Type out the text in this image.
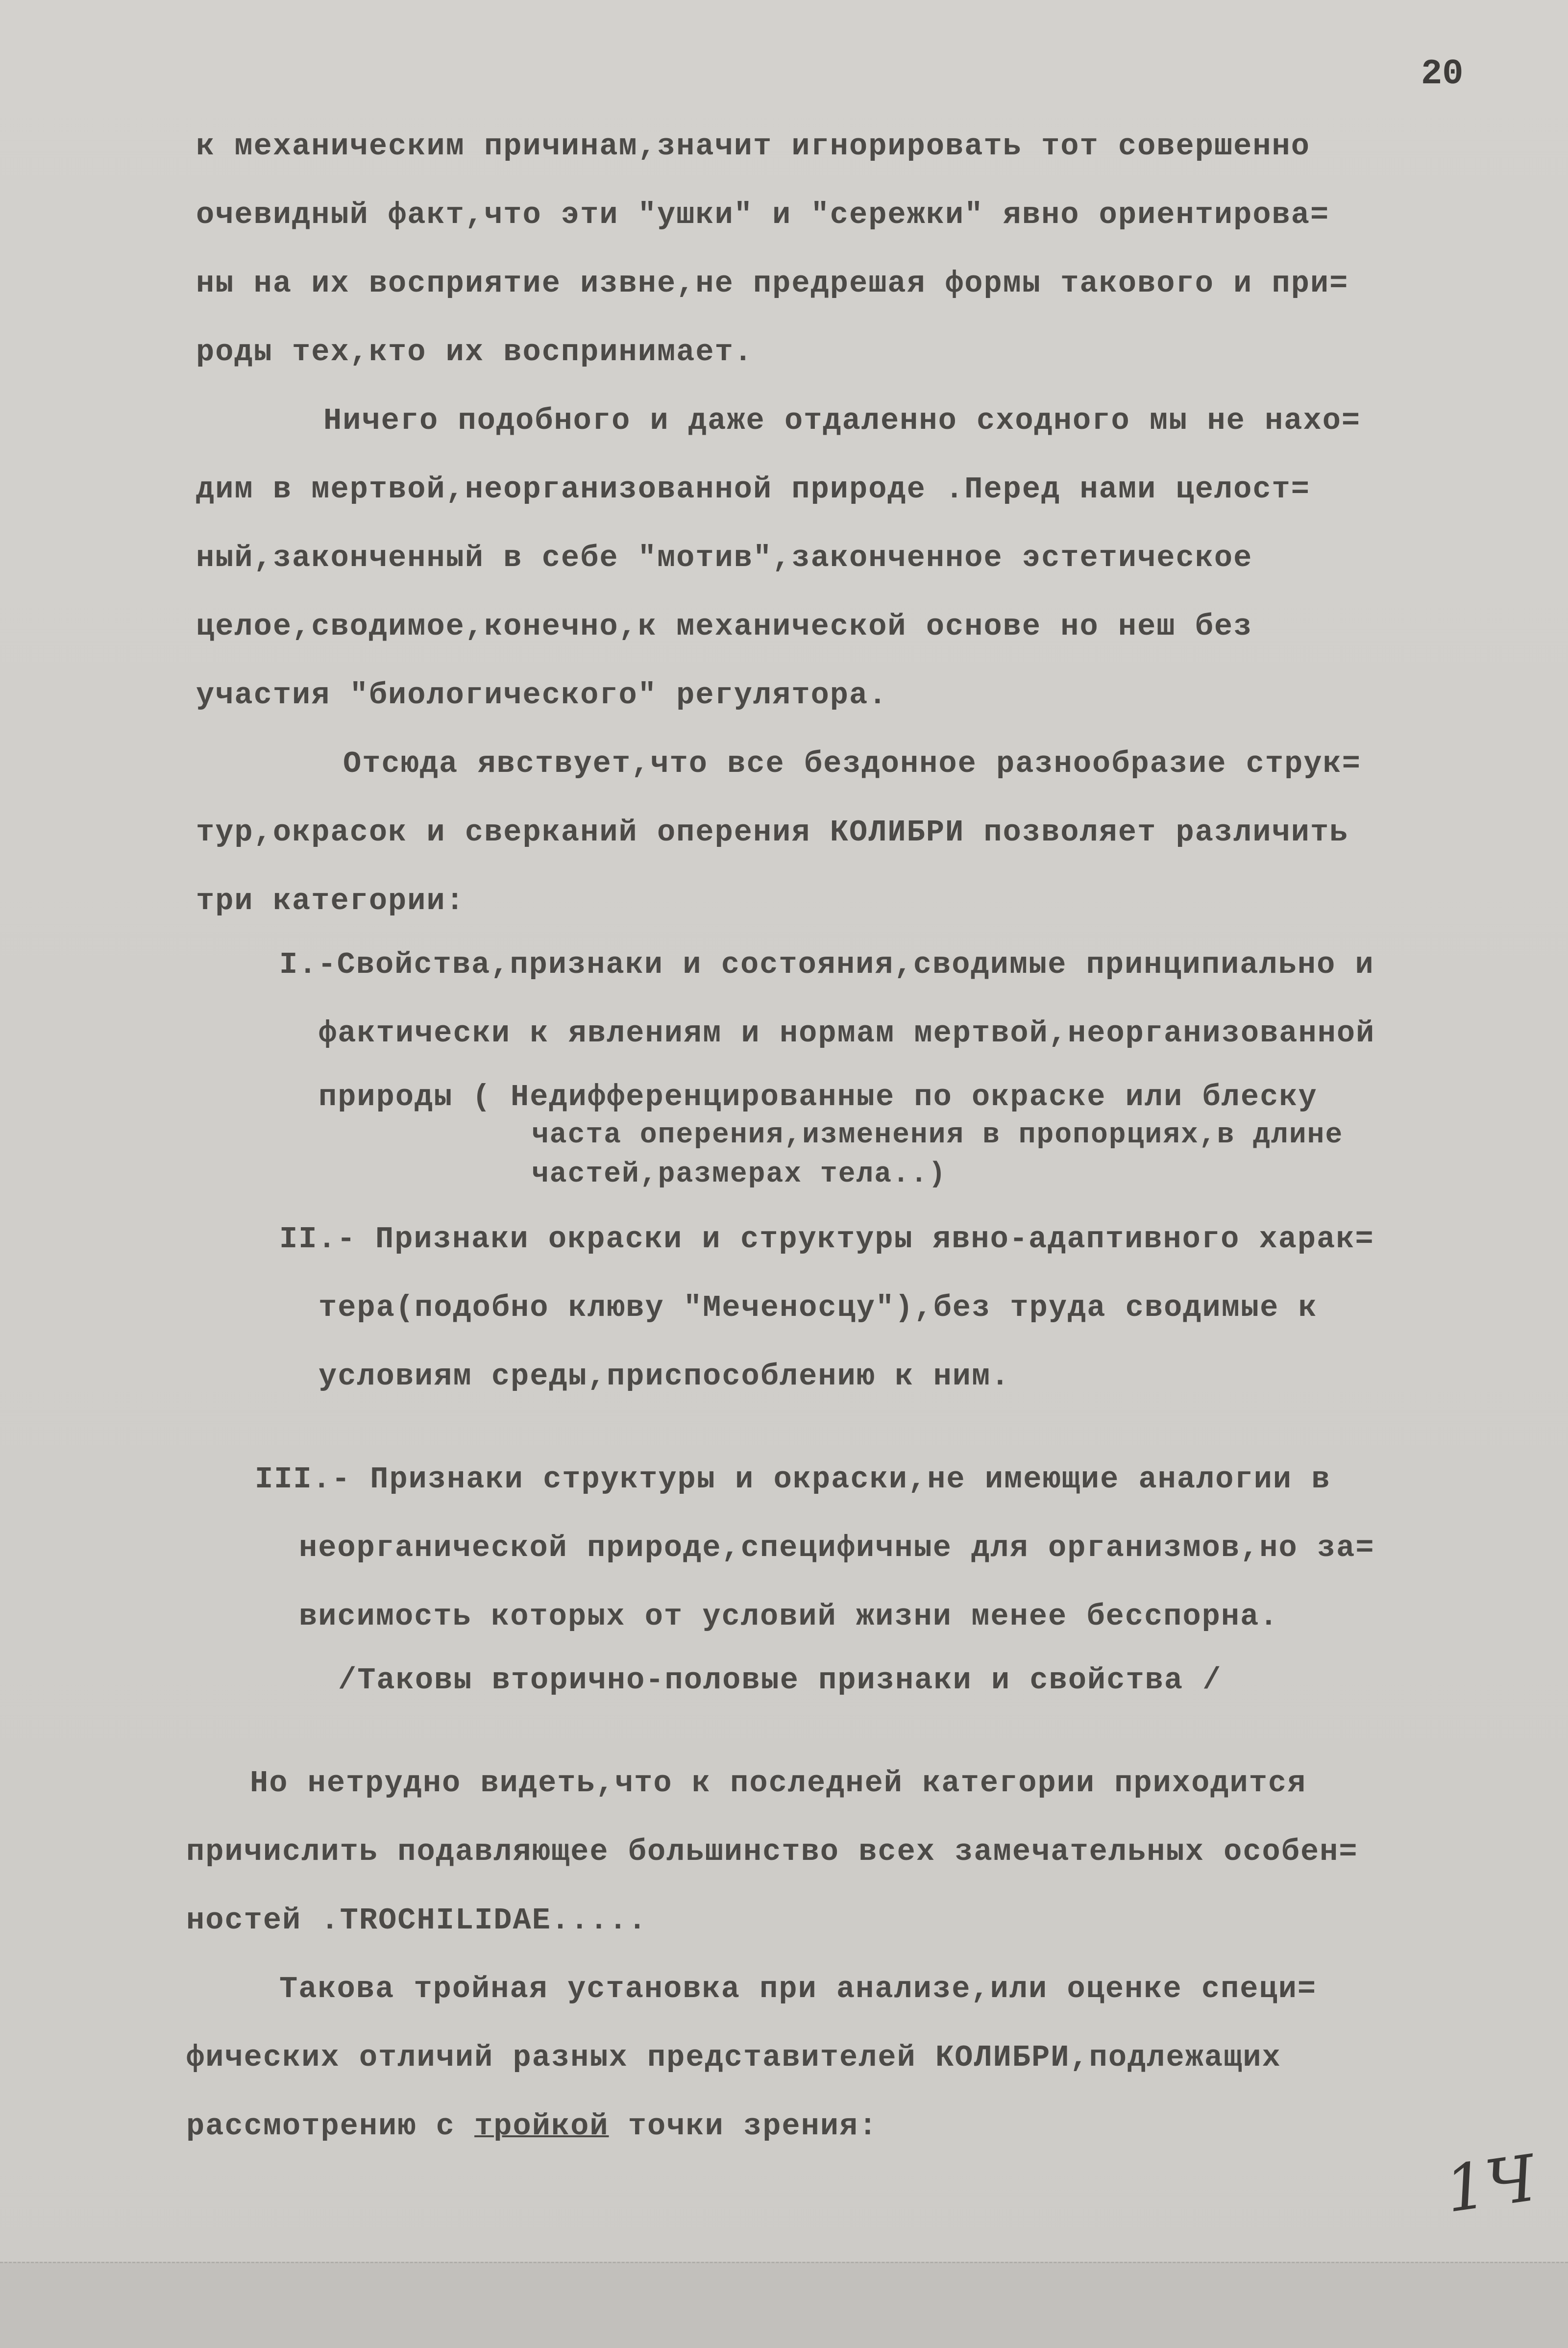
20
к механическим причинам,значит игнорировать тот совершенно
очевидный факт,что эти "ушки" и "сережки" явно ориентирова=
ны на их восприятие извне,не предрешая формы такового и при=
роды тех,кто их воспринимает.
Ничего подобного и даже отдаленно сходного мы не нахо=
дим в мертвой,неорганизованной природе .Перед нами целост=
ный,законченный в себе "мотив",законченное эстетическое
целое,сводимое,конечно,к механической основе но нeш без
участия "биологического" регулятора.
Отсюда явствует,что все бездонное разнообразие струк=
тур,окрасок и сверканий оперения КОЛИБРИ позволяет различить
три категории:
I.-Свойства,признаки и состояния,сводимые принципиально и
фактически к явлениям и нормам мертвой,неорганизованной
природы ( Недифференцированные по окраске или блеску
часта оперения,изменения в пропорциях,в длине
частей,размерах тела..)
II.- Признаки окраски и структуры явно-адаптивного харак=
тера(подобно клюву "Меченосцу"),без труда сводимые к
условиям среды,приспособлению к ним.
III.- Признаки структуры и окраски,не имеющие аналогии в
неорганической природе,специфичные для организмов,но за=
висимость которых от условий жизни менее бесспорна.
/Таковы вторично-половые признаки и свойства /
Но нетрудно видеть,что к последней категории приходится
причислить подавляющее большинство всех замечательных особен=
ностей .TROCHILIDAE.....
Такова тройная установка при анализе,или оценке специ=
фических отличий разных представителей КОЛИБРИ,подлежащих
рассмотрению с тройкой точки зрения:
1Ч
